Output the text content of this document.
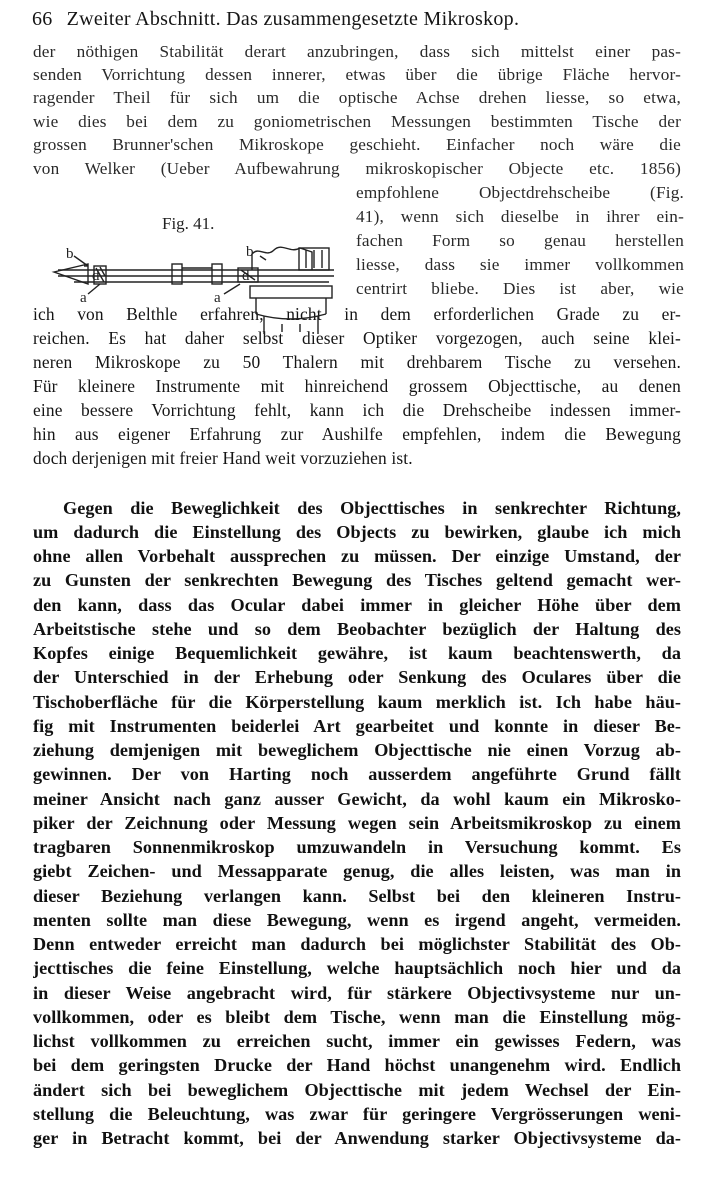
66 Zweiter Abschnitt. Das zusammengesetzte Mikroskop.
der nöthigen Stabilität derart anzubringen, dass sich mittelst einer pas-
senden Vorrichtung dessen innerer, etwas über die übrige Fläche hervor-
ragender Theil für sich um die optische Achse drehen liesse, so etwa,
wie dies bei dem zu goniometrischen Messungen bestimmten Tische der
grossen Brunner'schen Mikroskope geschieht. Einfacher noch wäre die
von Welker (Ueber Aufbewahrung mikroskopischer Objecte etc. 1856)
empfohlene Objectdrehscheibe (Fig.
41), wenn sich dieselbe in ihrer ein-
fachen Form so genau herstellen
liesse, dass sie immer vollkommen
centrirt bliebe. Dies ist aber, wie
ich von Belthle erfahren, nicht in dem erforderlichen Grade zu er-
reichen. Es hat daher selbst dieser Optiker vorgezogen, auch seine klei-
neren Mikroskope zu 50 Thalern mit drehbarem Tische zu versehen.
Für kleinere Instrumente mit hinreichend grossem Objecttische, au denen
eine bessere Vorrichtung fehlt, kann ich die Drehscheibe indessen immer-
hin aus eigener Erfahrung zur Aushilfe empfehlen, indem die Bewegung
doch derjenigen mit freier Hand weit vorzuziehen ist.
Fig. 41.
b	b
d	d
a	a
Gegen die Beweglichkeit des Objecttisches in senkrechter Richtung,
um dadurch die Einstellung des Objects zu bewirken, glaube ich mich
ohne allen Vorbehalt aussprechen zu müssen. Der einzige Umstand, der
zu Gunsten der senkrechten Bewegung des Tisches geltend gemacht wer-
den kann, dass das Ocular dabei immer in gleicher Höhe über dem
Arbeitstische stehe und so dem Beobachter bezüglich der Haltung des
Kopfes einige Bequemlichkeit gewähre, ist kaum beachtenswerth, da
der Unterschied in der Erhebung oder Senkung des Oculares über die
Tischoberfläche für die Körperstellung kaum merklich ist. Ich habe häu-
fig mit Instrumenten beiderlei Art gearbeitet und konnte in dieser Be-
ziehung demjenigen mit beweglichem Objecttische nie einen Vorzug ab-
gewinnen. Der von Harting noch ausserdem angeführte Grund fällt
meiner Ansicht nach ganz ausser Gewicht, da wohl kaum ein Mikrosko-
piker der Zeichnung oder Messung wegen sein Arbeitsmikroskop zu einem
tragbaren Sonnenmikroskop umzuwandeln in Versuchung kommt. Es
giebt Zeichen- und Messapparate genug, die alles leisten, was man in
dieser Beziehung verlangen kann. Selbst bei den kleineren Instru-
menten sollte man diese Bewegung, wenn es irgend angeht, vermeiden.
Denn entweder erreicht man dadurch bei möglichster Stabilität des Ob-
jecttisches die feine Einstellung, welche hauptsächlich noch hier und da
in dieser Weise angebracht wird, für stärkere Objectivsysteme nur un-
vollkommen, oder es bleibt dem Tische, wenn man die Einstellung mög-
lichst vollkommen zu erreichen sucht, immer ein gewisses Federn, was
bei dem geringsten Drucke der Hand höchst unangenehm wird. Endlich
ändert sich bei beweglichem Objecttische mit jedem Wechsel der Ein-
stellung die Beleuchtung, was zwar für geringere Vergrösserungen weni-
ger in Betracht kommt, bei der Anwendung starker Objectivsysteme da-
